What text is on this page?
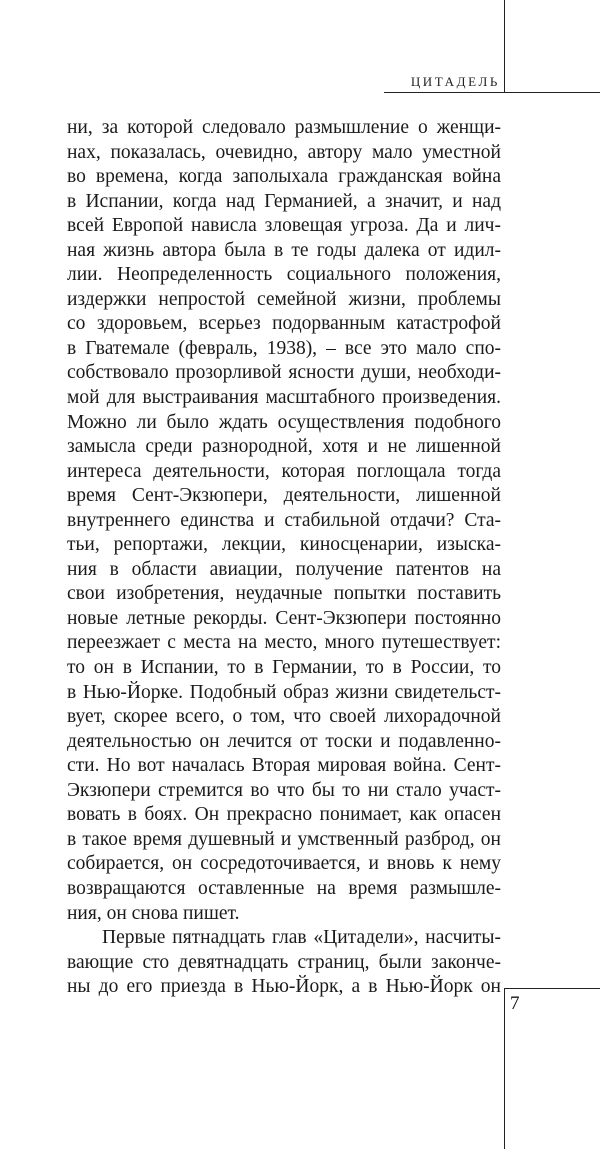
ЦИТАДЕЛЬ
ни, за которой следовало размышление о женщи-
нах, показалась, очевидно, автору мало уместной
во времена, когда заполыхала гражданская война
в Испании, когда над Германией, а значит, и над
всей Европой нависла зловещая угроза. Да и лич-
ная жизнь автора была в те годы далека от идил-
лии. Неопределенность социального положения,
издержки непростой семейной жизни, проблемы
со здоровьем, всерьез подорванным катастрофой
в Гватемале (февраль, 1938), – все это мало спо-
собствовало прозорливой ясности души, необходи-
мой для выстраивания масштабного произведения.
Можно ли было ждать осуществления подобного
замысла среди разнородной, хотя и не лишенной
интереса деятельности, которая поглощала тогда
время Сент-Экзюпери, деятельности, лишенной
внутреннего единства и стабильной отдачи? Ста-
тьи, репортажи, лекции, киносценарии, изыска-
ния в области авиации, получение патентов на
свои изобретения, неудачные попытки поставить
новые летные рекорды. Сент-Экзюпери постоянно
переезжает с места на место, много путешествует:
то он в Испании, то в Германии, то в России, то
в Нью-Йорке. Подобный образ жизни свидетельст-
вует, скорее всего, о том, что своей лихорадочной
деятельностью он лечится от тоски и подавленно-
сти. Но вот началась Вторая мировая война. Сент-
Экзюпери стремится во что бы то ни стало участ-
вовать в боях. Он прекрасно понимает, как опасен
в такое время душевный и умственный разброд, он
собирается, он сосредоточивается, и вновь к нему
возвращаются оставленные на время размышле-
ния, он снова пишет.
Первые пятнадцать глав «Цитадели», насчиты-
вающие сто девятнадцать страниц, были закончe-
ны до его приезда в Нью-Йорк, а в Нью-Йорк он
7
